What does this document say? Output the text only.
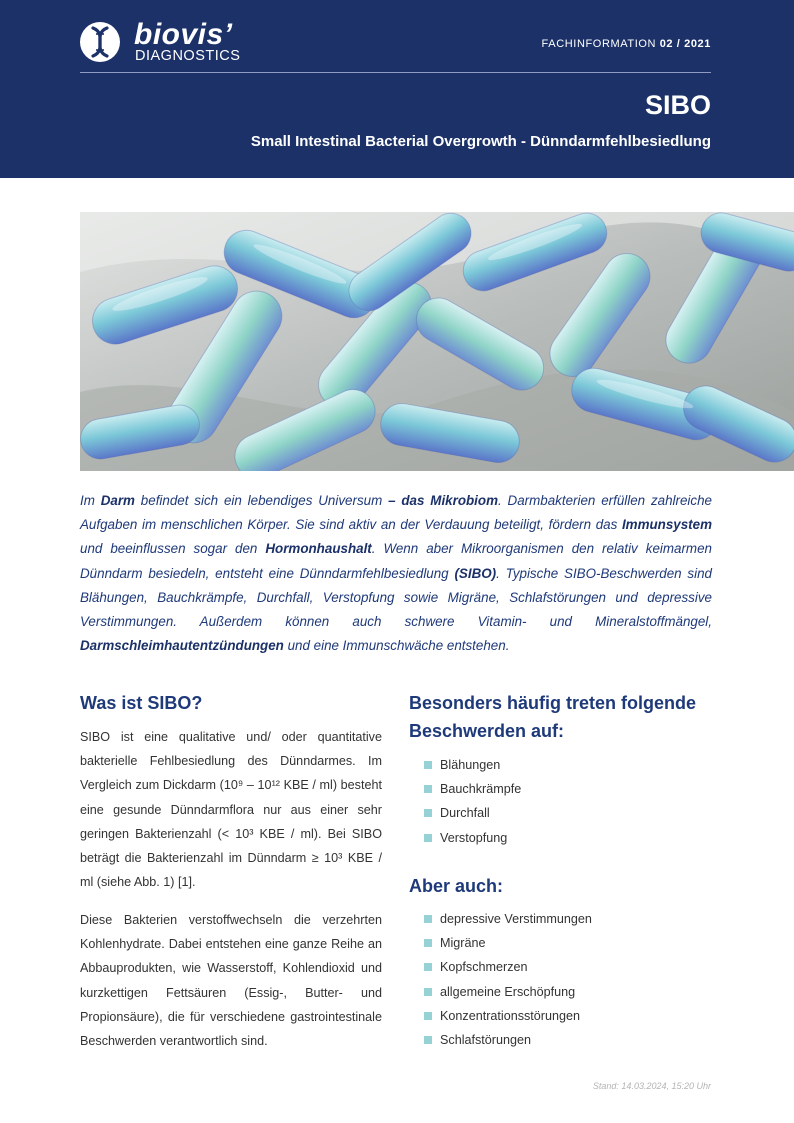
biovis’
DIAGNOSTICS
FACHINFORMATION 02 / 2021
SIBO
Small Intestinal Bacterial Overgrowth - Dünndarmfehlbesiedlung
Im Darm befindet sich ein lebendiges Universum – das Mikrobiom. Darmbakterien erfüllen zahlreiche Aufgaben im menschlichen Körper. Sie sind aktiv an der Verdauung beteiligt, fördern das Immunsystem und beeinflussen sogar den Hormonhaushalt. Wenn aber Mikroorganismen den relativ keimarmen Dünndarm besiedeln, entsteht eine Dünndarmfehlbesiedlung (SIBO). Typische SIBO-Beschwerden sind Blähungen, Bauchkrämpfe, Durchfall, Verstopfung sowie Migräne, Schlafstörungen und depressive Verstimmungen. Außerdem können auch schwere Vitamin- und Mineralstoffmängel, Darmschleimhautentzündungen und eine Immunschwäche entstehen.
Was ist SIBO?
SIBO ist eine qualitative und/ oder quantitative bakterielle Fehlbesiedlung des Dünndarmes. Im Vergleich zum Dickdarm (10⁹ – 10¹² KBE / ml) besteht eine gesunde Dünndarmflora nur aus einer sehr geringen Bakterienzahl (< 10³ KBE / ml). Bei SIBO beträgt die Bakterienzahl im Dünndarm ≥ 10³ KBE / ml (siehe Abb. 1) [1].
Diese Bakterien verstoffwechseln die verzehrten Kohlenhydrate. Dabei entstehen eine ganze Reihe an Abbauprodukten, wie Wasserstoff, Kohlendioxid und kurzkettigen Fettsäuren (Essig-, Butter- und Propionsäure), die für verschiedene gastrointestinale Beschwerden verantwortlich sind.
Besonders häufig treten folgende
Beschwerden auf:
Blähungen
Bauchkrämpfe
Durchfall
Verstopfung
Aber auch:
depressive Verstimmungen
Migräne
Kopfschmerzen
allgemeine Erschöpfung
Konzentrationsstörungen
Schlafstörungen
Stand: 14.03.2024, 15:20 Uhr
